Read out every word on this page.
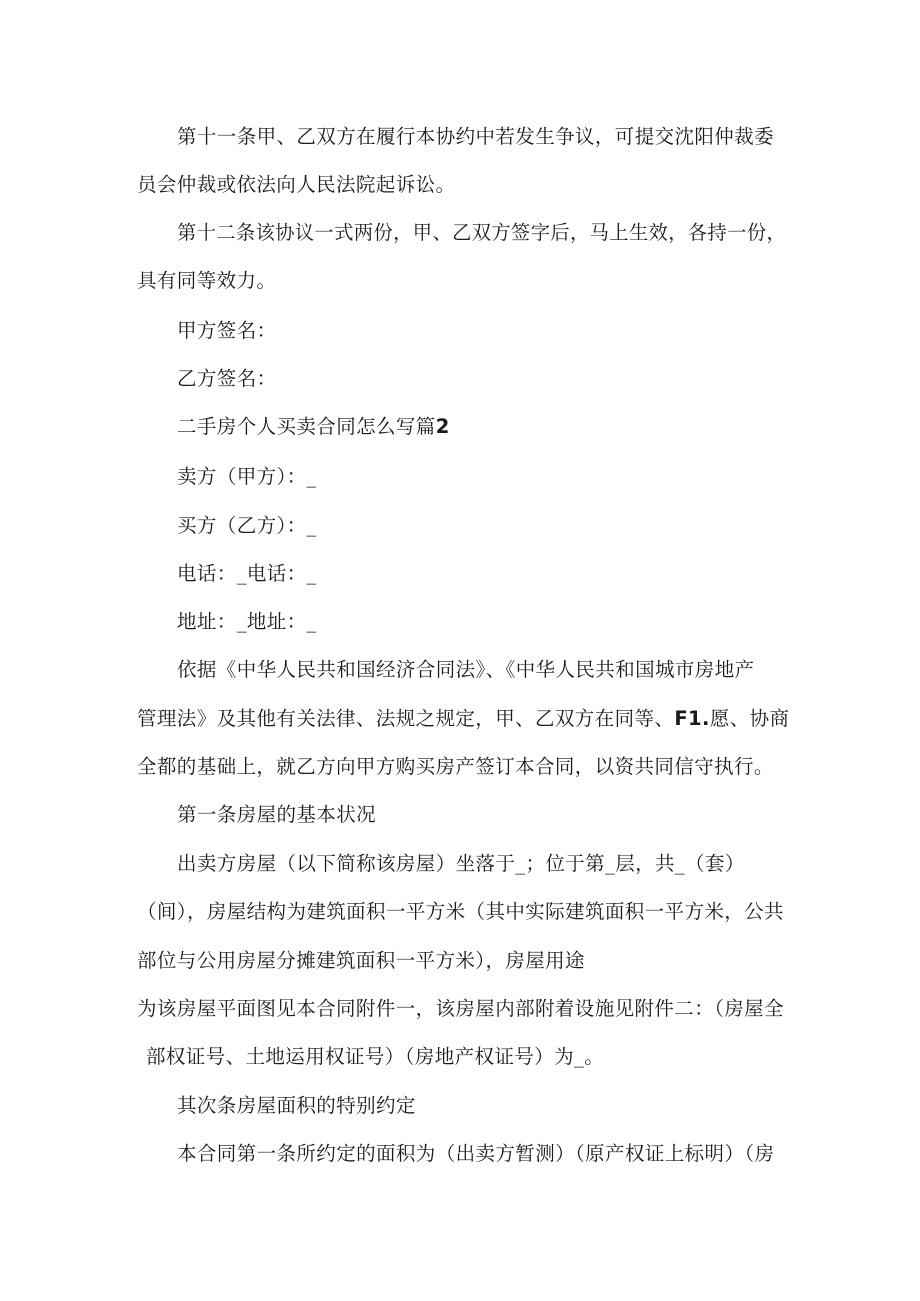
第十一条甲、乙双方在履行本协约中若发生争议，可提交沈阳仲裁委
员会仲裁或依法向人民法院起诉讼。
第十二条该协议一式两份，甲、乙双方签字后，马上生效，各持一份，
具有同等效力。
甲方签名：
乙方签名：
二手房个人买卖合同怎么写篇2
卖方（甲方）：_
买方（乙方）：_
电话：_电话：_
地址：_地址：_
依据《中华人民共和国经济合同法》、《中华人民共和国城市房地产
管理法》及其他有关法律、法规之规定，甲、乙双方在同等、F1.愿、协商
全都的基础上，就乙方向甲方购买房产签订本合同，以资共同信守执行。
第一条房屋的基本状况
出卖方房屋（以下简称该房屋）坐落于_；位于第_层，共_（套）
（间），房屋结构为建筑面积一平方米（其中实际建筑面积一平方米，公共
部位与公用房屋分摊建筑面积一平方米），房屋用途
为该房屋平面图见本合同附件一，该房屋内部附着设施见附件二：（房屋全
部权证号、土地运用权证号）（房地产权证号）为_。
其次条房屋面积的特别约定
本合同第一条所约定的面积为（出卖方暂测）（原产权证上标明）（房
